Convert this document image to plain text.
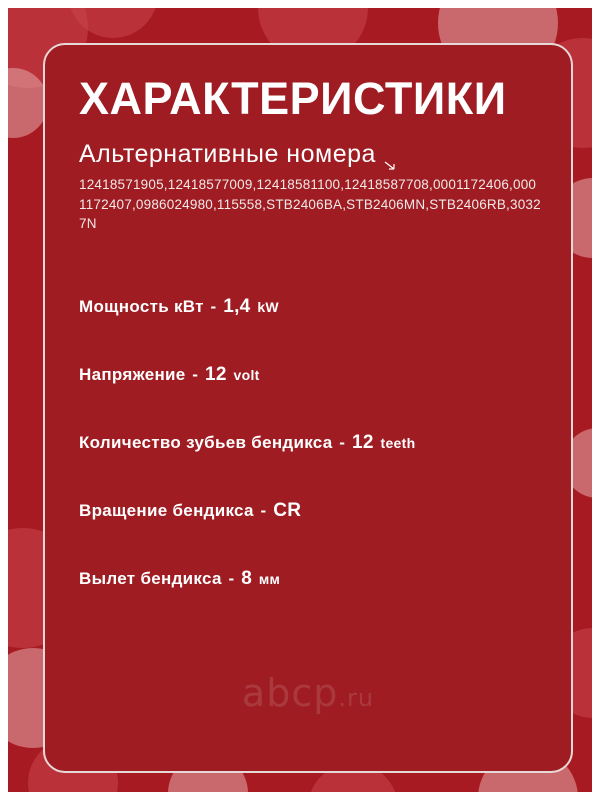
ХАРАКТЕРИСТИКИ
Альтернативные номера
12418571905,12418577009,12418581100,12418587708,0001172406,0001172407,0986024980,115558,STB2406BA,STB2406MN,STB2406RB,30327N
Мощность кВт - 1,4 kW
Напряжение - 12 volt
Количество зубьев бендикса - 12 teeth
Вращение бендикса - CR
Вылет бендикса - 8 мм
abcp.ru
